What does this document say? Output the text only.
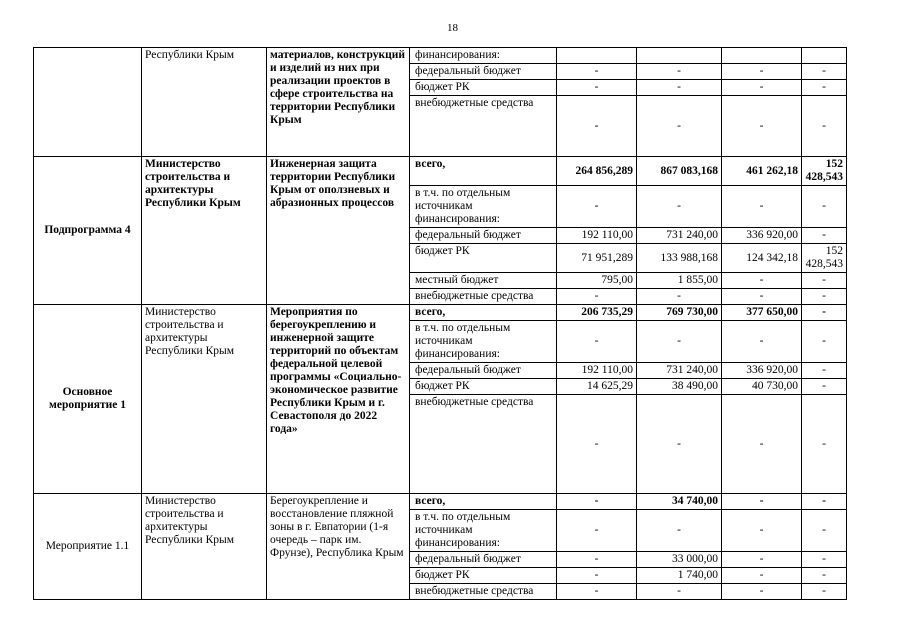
18
	Республики Крым	материалов, конструкций и изделий из них при реализации проектов в сфере строительства на территории Республики Крым	финансирования:				
			федеральный бюджет	-	-	-	-
			бюджет РК	-	-	-	-
			внебюджетные средства	-	-	-	-
Подпрограмма 4	Министерство строительства и архитектуры Республики Крым	Инженерная защита территории Республики Крым от оползневых и абразионных процессов	всего,	264 856,289	867 083,168	461 262,18	152 428,543
			в т.ч. по отдельным источникам финансирования:	-	-	-	-
			федеральный бюджет	192 110,00	731 240,00	336 920,00	-
			бюджет РК	71 951,289	133 988,168	124 342,18	152 428,543
			местный бюджет	795,00	1 855,00	-	-
			внебюджетные средства	-	-	-	-
Основное мероприятие 1	Министерство строительства и архитектуры Республики Крым	Мероприятия по берегоукреплению и инженерной защите территорий по объектам федеральной целевой программы «Социально-экономическое развитие Республики Крым и г. Севастополя до 2022 года»	всего,	206 735,29	769 730,00	377 650,00	-
			в т.ч. по отдельным источникам финансирования:	-	-	-	-
			федеральный бюджет	192 110,00	731 240,00	336 920,00	-
			бюджет РК	14 625,29	38 490,00	40 730,00	-
			внебюджетные средства	-	-	-	-
Мероприятие 1.1	Министерство строительства и архитектуры Республики Крым	Берегоукрепление и восстановление пляжной зоны в г. Евпатории (1-я очередь – парк им. Фрунзе), Республика Крым	всего,	-	34 740,00	-	-
			в т.ч. по отдельным источникам финансирования:	-	-	-	-
			федеральный бюджет	-	33 000,00	-	-
			бюджет РК	-	1 740,00	-	-
			внебюджетные средства	-	-	-	-
